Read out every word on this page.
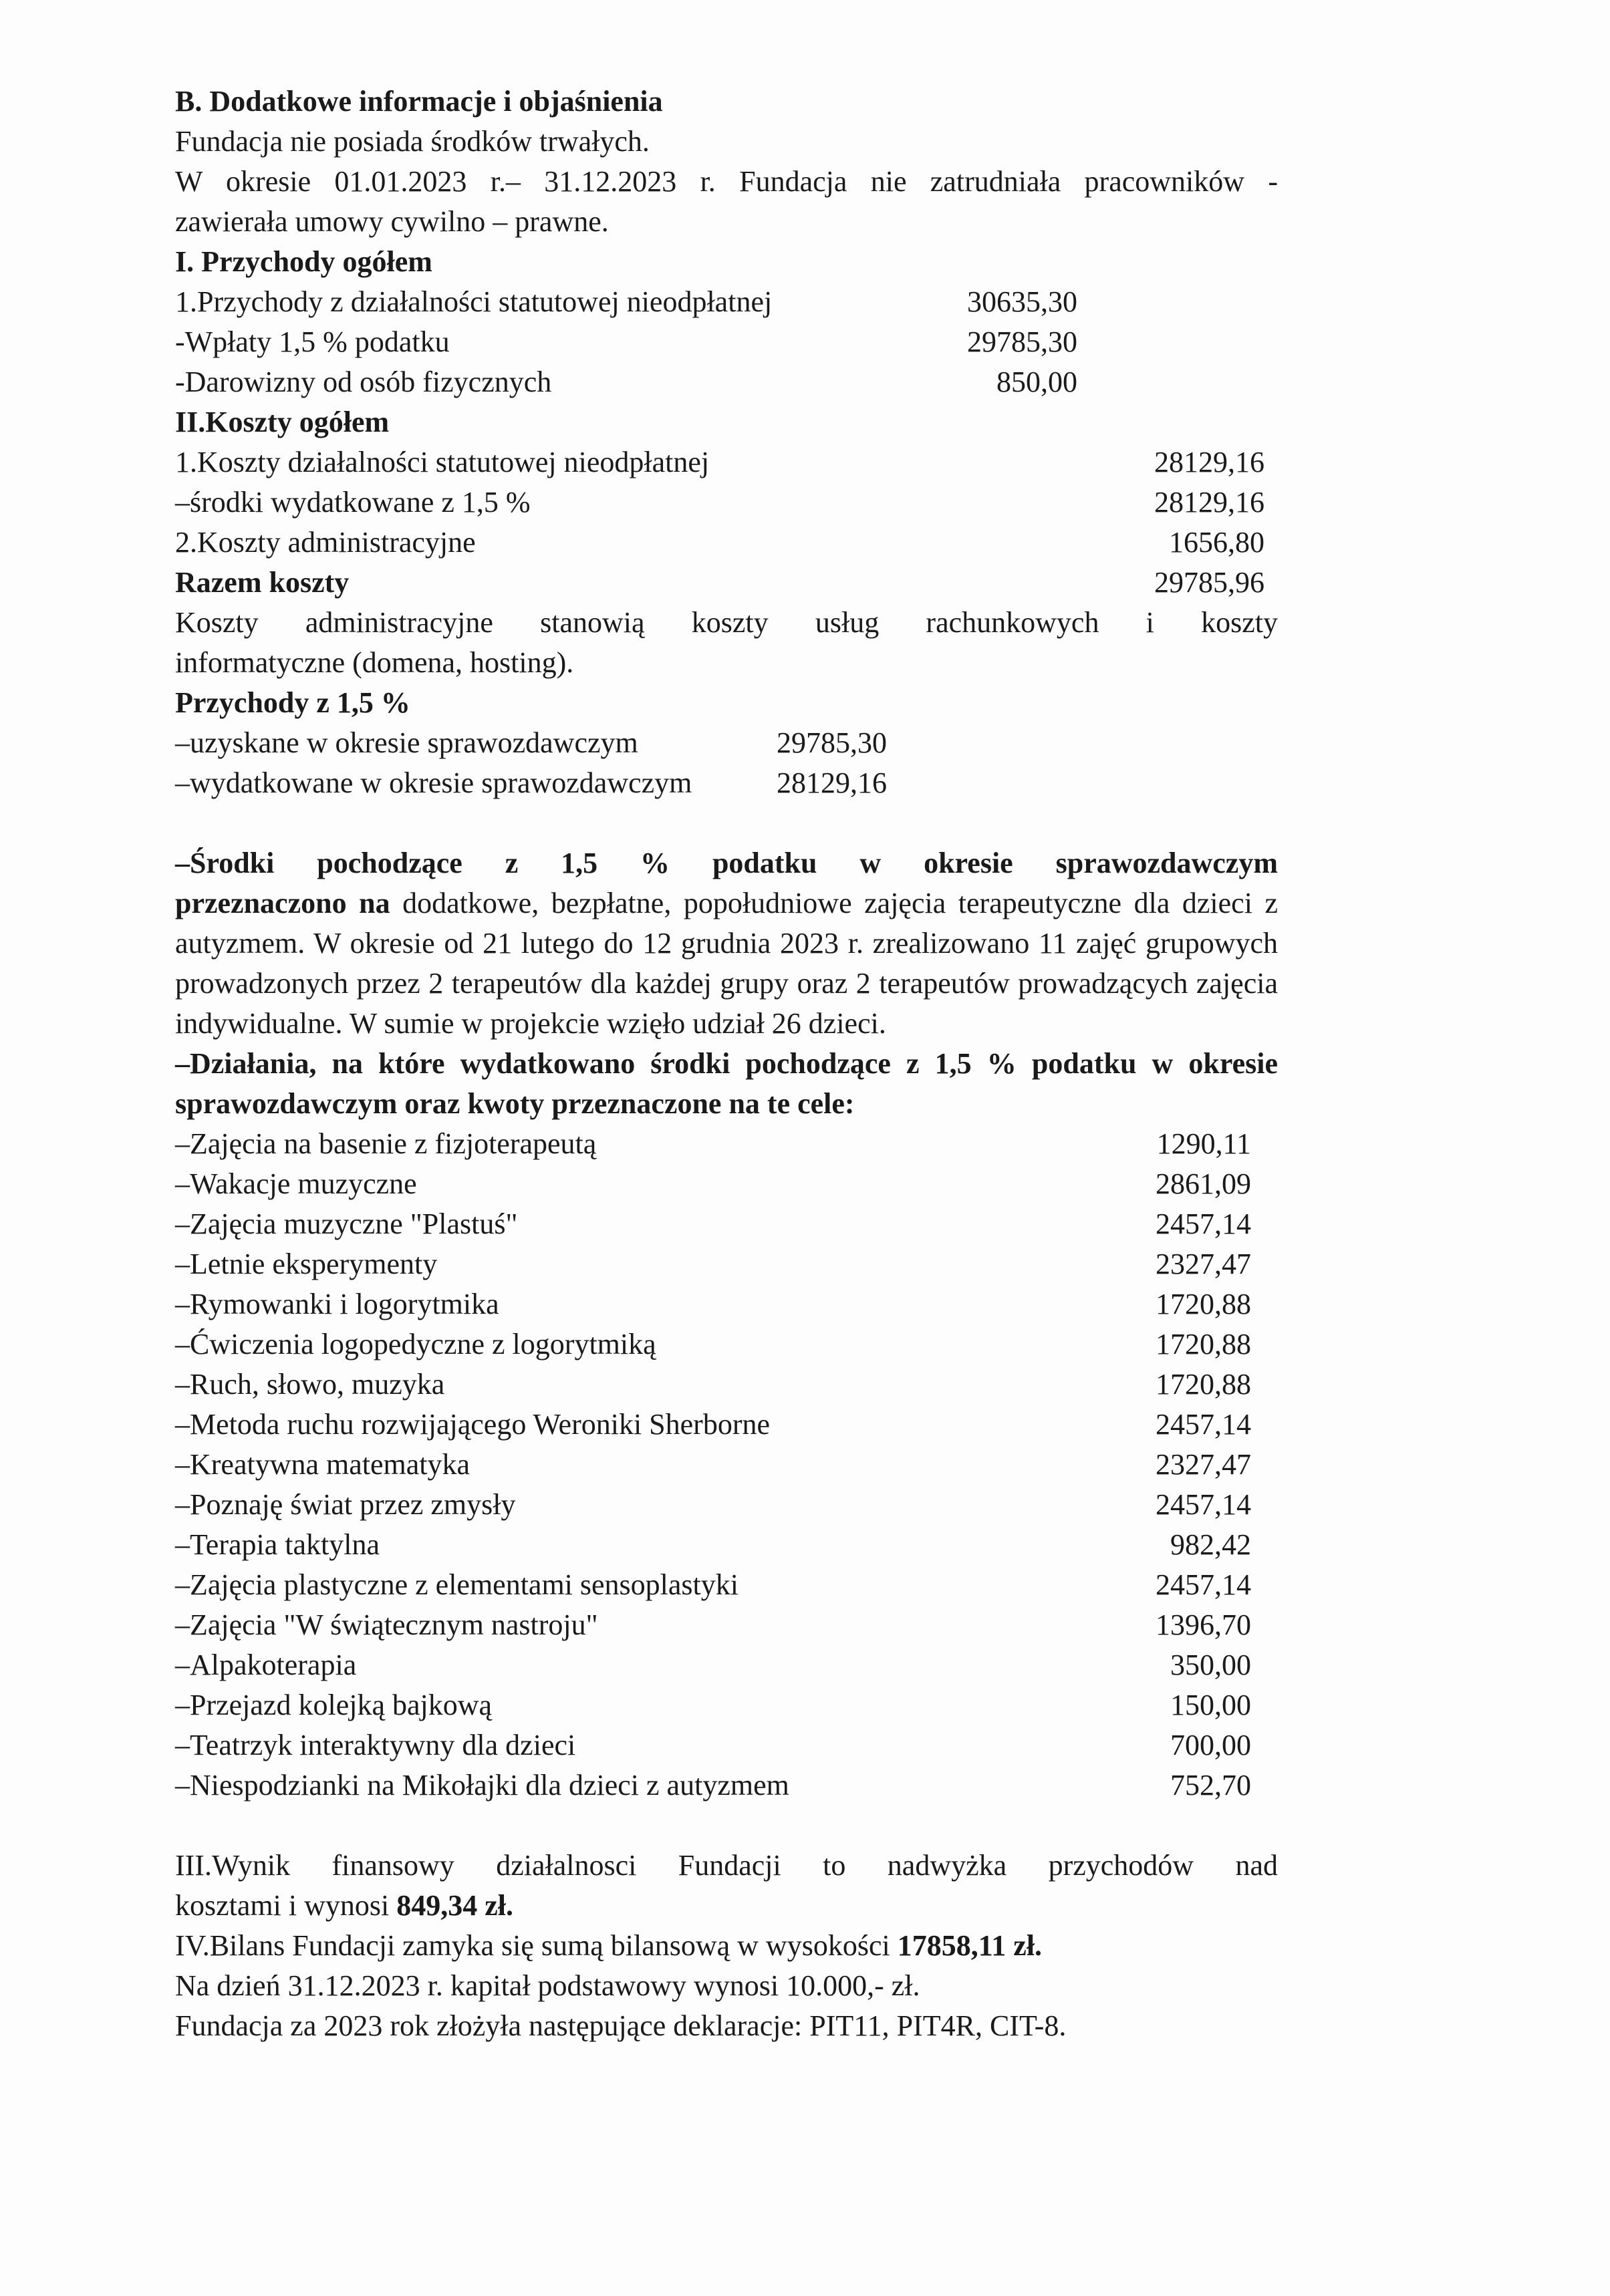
B. Dodatkowe informacje i objaśnienia
Fundacja nie posiada środków trwałych.
W okresie 01.01.2023 r.– 31.12.2023 r. Fundacja nie zatrudniała pracowników -
zawierała umowy cywilno – prawne.
I. Przychody ogółem
1.Przychody z działalności statutowej nieodpłatnej	30635,30
-Wpłaty 1,5 % podatku	29785,30
-Darowizny od osób fizycznych	850,00
II.Koszty ogółem
1.Koszty działalności statutowej nieodpłatnej	28129,16
–środki wydatkowane z 1,5 %	28129,16
2.Koszty administracyjne	1656,80
Razem koszty	29785,96
Koszty administracyjne stanowią koszty usług rachunkowych i koszty
informatyczne (domena, hosting).
Przychody z 1,5 %
–uzyskane w okresie sprawozdawczym	29785,30
–wydatkowane w okresie sprawozdawczym	28129,16
–Środki pochodzące z 1,5 % podatku w okresie sprawozdawczym

przeznaczono na dodatkowe, bezpłatne, popołudniowe zajęcia terapeutyczne dla dzieci z autyzmem. W okresie od 21 lutego do 12 grudnia 2023 r. zrealizowano 11 zajęć grupowych prowadzonych przez 2 terapeutów dla każdej grupy oraz 2 terapeutów prowadzących zajęcia indywidualne. W sumie w projekcie wzięło udział 26 dzieci.

–Działania, na które wydatkowano środki pochodzące z 1,5 % podatku w okresie sprawozdawczym oraz kwoty przeznaczone na te cele:

–Zajęcia na basenie z fizjoterapeutą	1290,11
–Wakacje muzyczne	2861,09
–Zajęcia muzyczne "Plastuś"	2457,14
–Letnie eksperymenty	2327,47
–Rymowanki i logorytmika	1720,88
–Ćwiczenia logopedyczne z logorytmiką	1720,88
–Ruch, słowo, muzyka	1720,88
–Metoda ruchu rozwijającego Weroniki Sherborne	2457,14
–Kreatywna matematyka	2327,47
–Poznaję świat przez zmysły	2457,14
–Terapia taktylna	982,42
–Zajęcia plastyczne z elementami sensoplastyki	2457,14
–Zajęcia "W świątecznym nastroju"	1396,70
–Alpakoterapia	350,00
–Przejazd kolejką bajkową	150,00
–Teatrzyk interaktywny dla dzieci	700,00
–Niespodzianki na Mikołajki dla dzieci z autyzmem	752,70
III.Wynik finansowy działalnosci Fundacji to nadwyżka przychodów nad
kosztami i wynosi 849,34 zł.
IV.Bilans Fundacji zamyka się sumą bilansową w wysokości 17858,11 zł.
Na dzień 31.12.2023 r. kapitał podstawowy wynosi 10.000,- zł.
Fundacja za 2023 rok złożyła następujące deklaracje: PIT11, PIT4R, CIT-8.
